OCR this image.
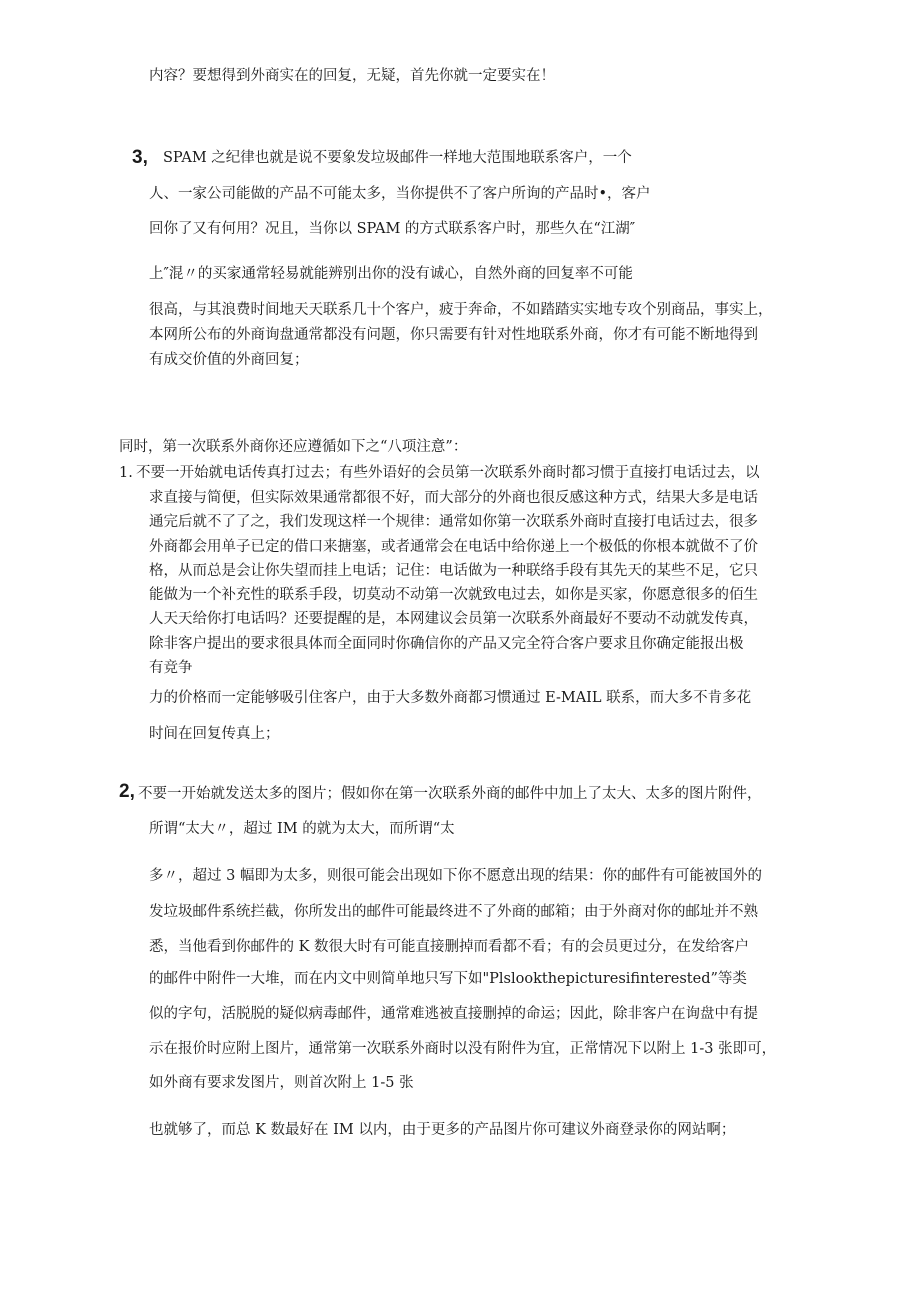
内容？要想得到外商实在的回复，无疑，首先你就一定要实在！
3, SPAM 之纪律也就是说不要象发垃圾邮件一样地大范围地联系客户，一个
人、一家公司能做的产品不可能太多，当你提供不了客户所询的产品时•，客户
回你了又有何用？况且，当你以 SPAM 的方式联系客户时，那些久在“江湖″
上″混〃的买家通常轻易就能辨别出你的没有诚心，自然外商的回复率不可能
很高，与其浪费时间地天天联系几十个客户，疲于奔命，不如踏踏实实地专攻个别商品，事实上，
本网所公布的外商询盘通常都没有问题，你只需要有针对性地联系外商，你才有可能不断地得到
有成交价值的外商回复；
同时，第一次联系外商你还应遵循如下之“八项注意”：
1. 不要一开始就电话传真打过去；有些外语好的会员第一次联系外商时都习惯于直接打电话过去，以
求直接与简便，但实际效果通常都很不好，而大部分的外商也很反感这种方式，结果大多是电话
通完后就不了了之，我们发现这样一个规律：通常如你第一次联系外商时直接打电话过去，很多
外商都会用单子已定的借口来搪塞，或者通常会在电话中给你递上一个极低的你根本就做不了价
格，从而总是会让你失望而挂上电话；记住：电话做为一种联络手段有其先天的某些不足，它只
能做为一个补充性的联系手段，切莫动不动第一次就致电过去，如你是买家，你愿意很多的佰生
人天天给你打电话吗？还要提醒的是，本网建议会员第一次联系外商最好不要动不动就发传真，
除非客户提出的要求很具体而全面同时你确信你的产品又完全符合客户要求且你确定能报出极
有竞争
力的价格而一定能够吸引住客户，由于大多数外商都习惯通过 E-MAIL 联系，而大多不肯多花
时间在回复传真上；
2, 不要一开始就发送太多的图片；假如你在第一次联系外商的邮件中加上了太大、太多的图片附件，
所谓“太大〃，超过 IM 的就为太大，而所谓“太
多〃，超过 3 幅即为太多，则很可能会出现如下你不愿意出现的结果：你的邮件有可能被国外的
发垃圾邮件系统拦截，你所发出的邮件可能最终进不了外商的邮箱；由于外商对你的邮址并不熟
悉，当他看到你邮件的 K 数很大时有可能直接删掉而看都不看；有的会员更过分，在发给客户
的邮件中附件一大堆，而在内文中则简单地只写下如"Plslookthepicturesifinterested”等类
似的字句，活脱脱的疑似病毒邮件，通常难逃被直接删掉的命运；因此，除非客户在询盘中有提
示在报价时应附上图片，通常第一次联系外商时以没有附件为宜，正常情况下以附上 1-3 张即可，
如外商有要求发图片，则首次附上 1-5 张
也就够了，而总 K 数最好在 IM 以内，由于更多的产品图片你可建议外商登录你的网站啊；
